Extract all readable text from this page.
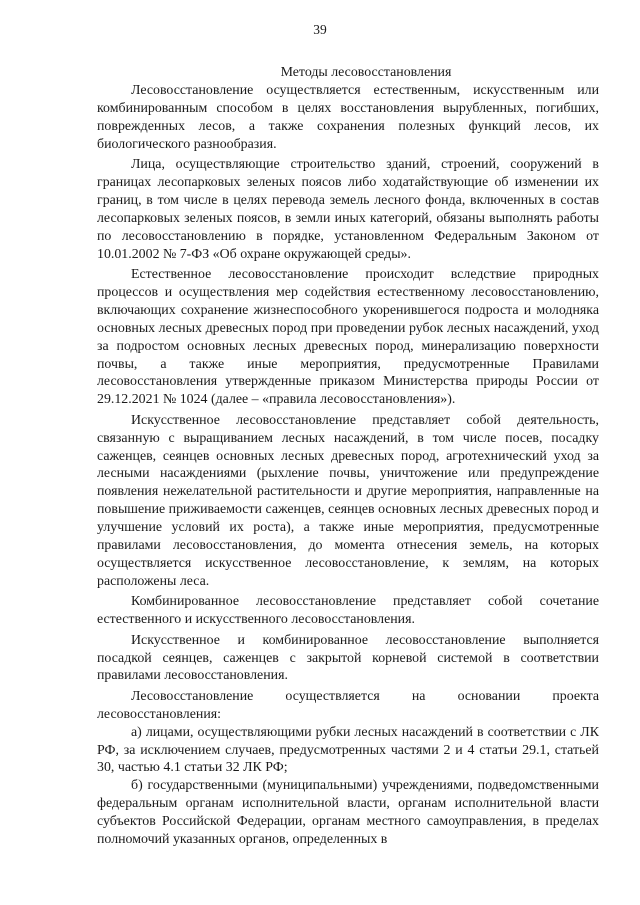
39

Методы лесовосстановления

Лесовосстановление осуществляется естественным, искусственным или комбинированным способом в целях восстановления вырубленных, погибших, поврежденных лесов, а также сохранения полезных функций лесов, их биологического разнообразия.

Лица, осуществляющие строительство зданий, строений, сооружений в границах лесопарковых зеленых поясов либо ходатайствующие об изменении их границ, в том числе в целях перевода земель лесного фонда, включенных в состав лесопарковых зеленых поясов, в земли иных категорий, обязаны выполнять работы по лесовосстановлению в порядке, установленном Федеральным Законом от 10.01.2002 № 7-ФЗ «Об охране окружающей среды».

Естественное лесовосстановление происходит вследствие природных процессов и осуществления мер содействия естественному лесовосстановлению, включающих сохранение жизнеспособного укоренившегося подроста и молодняка основных лесных древесных пород при проведении рубок лесных насаждений, уход за подростом основных лесных древесных пород, минерализацию поверхности почвы, а также иные мероприятия, предусмотренные Правилами лесовосстановления утвержденные приказом Министерства природы России от 29.12.2021 № 1024 (далее – «правила лесовосстановления»).

Искусственное лесовосстановление представляет собой деятельность, связанную с выращиванием лесных насаждений, в том числе посев, посадку саженцев, сеянцев основных лесных древесных пород, агротехнический уход за лесными насаждениями (рыхление почвы, уничтожение или предупреждение появления нежелательной растительности и другие мероприятия, направленные на повышение приживаемости саженцев, сеянцев основных лесных древесных пород и улучшение условий их роста), а также иные мероприятия, предусмотренные правилами лесовосстановления, до момента отнесения земель, на которых осуществляется искусственное лесовосстановление, к землям, на которых расположены леса.

Комбинированное лесовосстановление представляет собой сочетание естественного и искусственного лесовосстановления.

Искусственное и комбинированное лесовосстановление выполняется посадкой сеянцев, саженцев с закрытой корневой системой в соответствии правилами лесовосстановления.

Лесовосстановление осуществляется на основании проекта лесовосстановления:

а) лицами, осуществляющими рубки лесных насаждений в соответствии с ЛК РФ, за исключением случаев, предусмотренных частями 2 и 4 статьи 29.1, статьей 30, частью 4.1 статьи 32 ЛК РФ;

б) государственными (муниципальными) учреждениями, подведомственными федеральным органам исполнительной власти, органам исполнительной власти субъектов Российской Федерации, органам местного самоуправления, в пределах полномочий указанных органов, определенных в
